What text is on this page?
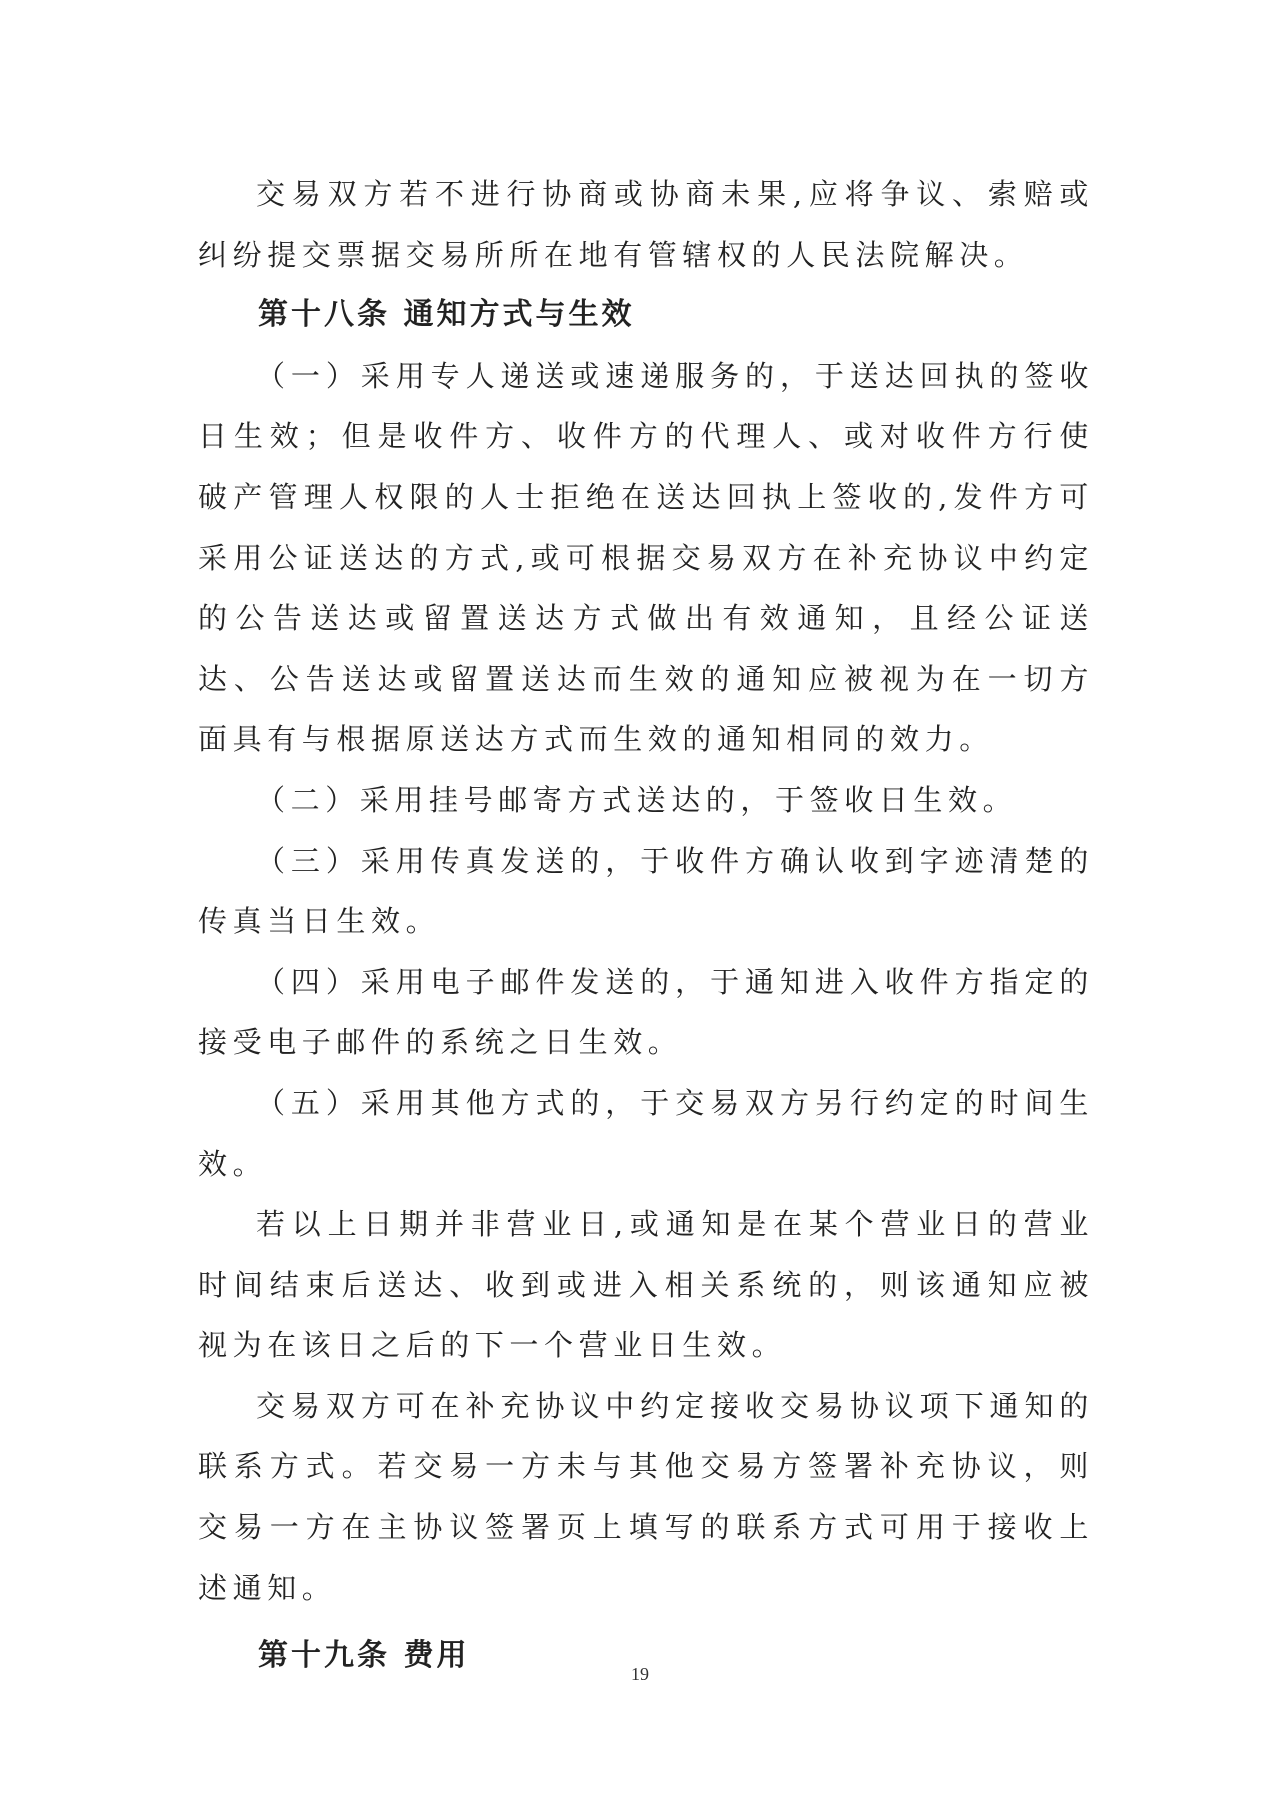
交易双方若不进行协商或协商未果,应将争议、索赔或纠纷提交票据交易所所在地有管辖权的人民法院解决。

第十八条 通知方式与生效

（一）采用专人递送或速递服务的，于送达回执的签收日生效；但是收件方、收件方的代理人、或对收件方行使破产管理人权限的人士拒绝在送达回执上签收的,发件方可采用公证送达的方式,或可根据交易双方在补充协议中约定的公告送达或留置送达方式做出有效通知，且经公证送达、公告送达或留置送达而生效的通知应被视为在一切方面具有与根据原送达方式而生效的通知相同的效力。

（二）采用挂号邮寄方式送达的，于签收日生效。

（三）采用传真发送的，于收件方确认收到字迹清楚的传真当日生效。

（四）采用电子邮件发送的，于通知进入收件方指定的接受电子邮件的系统之日生效。

（五）采用其他方式的，于交易双方另行约定的时间生效。

若以上日期并非营业日,或通知是在某个营业日的营业时间结束后送达、收到或进入相关系统的，则该通知应被视为在该日之后的下一个营业日生效。

交易双方可在补充协议中约定接收交易协议项下通知的联系方式。若交易一方未与其他交易方签署补充协议，则交易一方在主协议签署页上填写的联系方式可用于接收上述通知。

第十九条 费用

19
